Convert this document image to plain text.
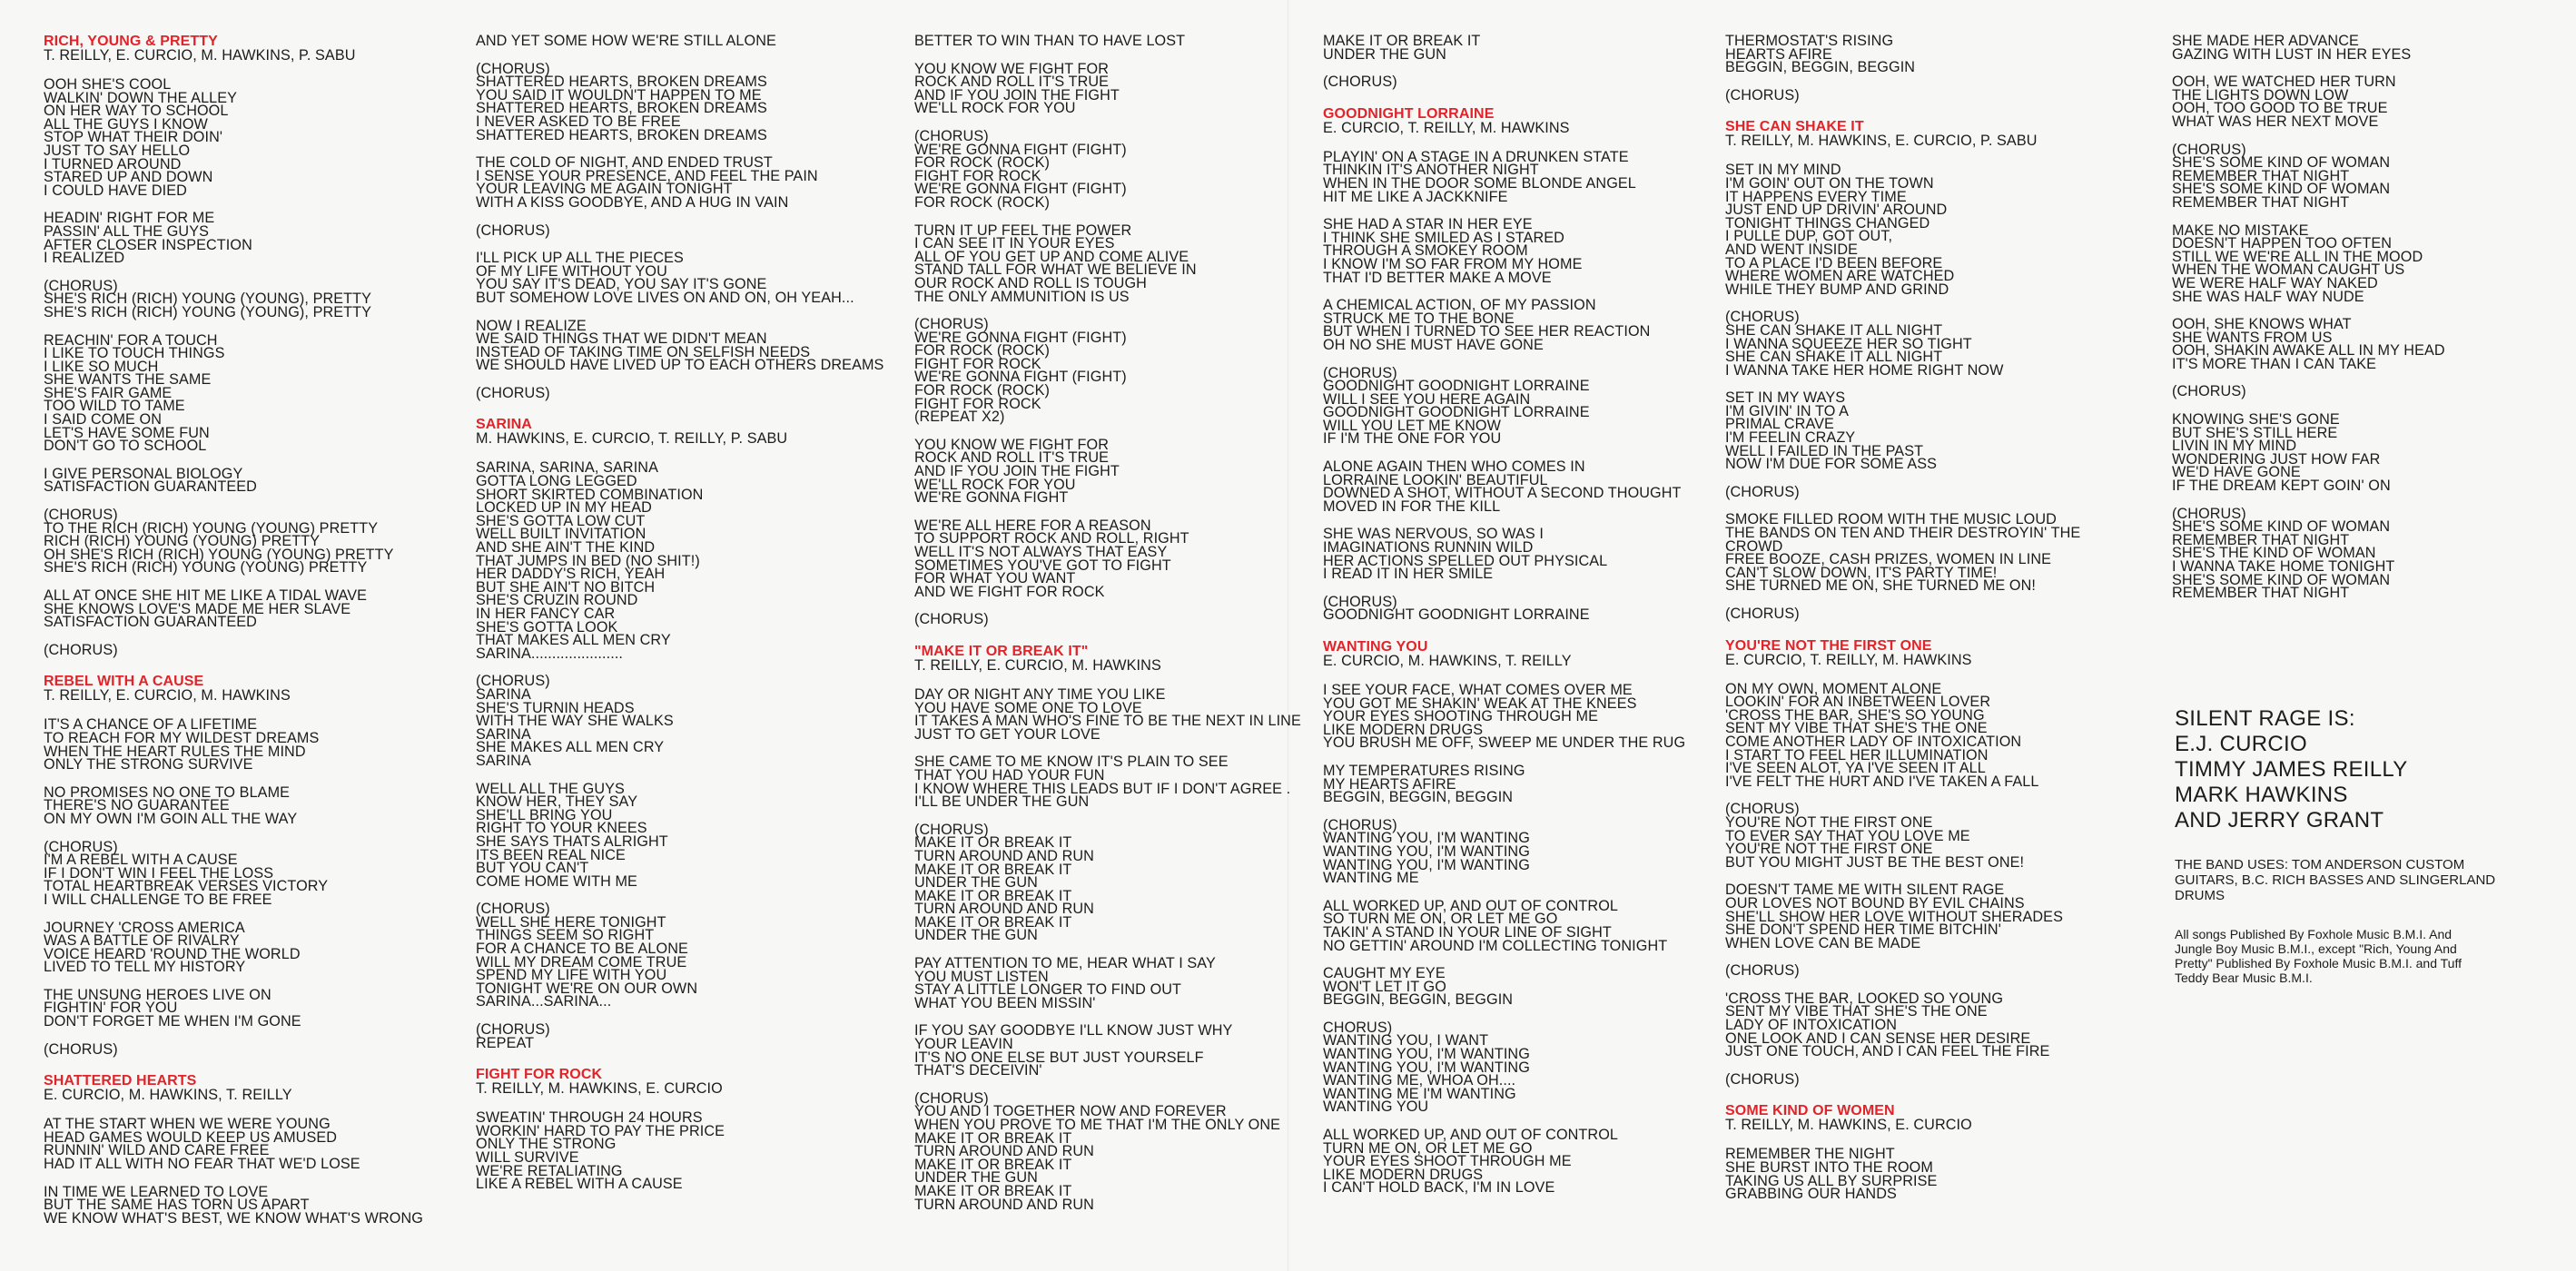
RICH, YOUNG & PRETTY
T. REILLY, E. CURCIO, M. HAWKINS, P. SABU
OOH SHE'S COOL
WALKIN' DOWN THE ALLEY
ON HER WAY TO SCHOOL
ALL THE GUYS I KNOW
STOP WHAT THEIR DOIN'
JUST TO SAY HELLO
I TURNED AROUND
STARED UP AND DOWN
I COULD HAVE DIED
HEADIN' RIGHT FOR ME
PASSIN' ALL THE GUYS
AFTER CLOSER INSPECTION
I REALIZED
(CHORUS)
SHE'S RICH (RICH) YOUNG (YOUNG), PRETTY
SHE'S RICH (RICH) YOUNG (YOUNG), PRETTY
REACHIN' FOR A TOUCH
I LIKE TO TOUCH THINGS
I LIKE SO MUCH
SHE WANTS THE SAME
SHE'S FAIR GAME
TOO WILD TO TAME
I SAID COME ON
LET'S HAVE SOME FUN
DON'T GO TO SCHOOL
I GIVE PERSONAL BIOLOGY
SATISFACTION GUARANTEED
(CHORUS)
TO THE RICH (RICH) YOUNG (YOUNG) PRETTY
RICH (RICH) YOUNG (YOUNG) PRETTY
OH SHE'S RICH (RICH) YOUNG (YOUNG) PRETTY
SHE'S RICH (RICH) YOUNG (YOUNG) PRETTY
ALL AT ONCE SHE HIT ME LIKE A TIDAL WAVE
SHE KNOWS LOVE'S MADE ME HER SLAVE
SATISFACTION GUARANTEED
(CHORUS)
REBEL WITH A CAUSE
T. REILLY, E. CURCIO, M. HAWKINS
IT'S A CHANCE OF A LIFETIME
TO REACH FOR MY WILDEST DREAMS
WHEN THE HEART RULES THE MIND
ONLY THE STRONG SURVIVE
NO PROMISES NO ONE TO BLAME
THERE'S NO GUARANTEE
ON MY OWN I'M GOIN ALL THE WAY
(CHORUS)
I'M A REBEL WITH A CAUSE
IF I DON'T WIN I FEEL THE LOSS
TOTAL HEARTBREAK VERSES VICTORY
I WILL CHALLENGE TO BE FREE
JOURNEY 'CROSS AMERICA
WAS A BATTLE OF RIVALRY
VOICE HEARD 'ROUND THE WORLD
LIVED TO TELL MY HISTORY
THE UNSUNG HEROES LIVE ON
FIGHTIN' FOR YOU
DON'T FORGET ME WHEN I'M GONE
(CHORUS)
SHATTERED HEARTS
E. CURCIO, M. HAWKINS, T. REILLY
AT THE START WHEN WE WERE YOUNG
HEAD GAMES WOULD KEEP US AMUSED
RUNNIN' WILD AND CARE FREE
HAD IT ALL WITH NO FEAR THAT WE'D LOSE
IN TIME WE LEARNED TO LOVE
BUT THE SAME HAS TORN US APART
WE KNOW WHAT'S BEST, WE KNOW WHAT'S WRONG
AND YET SOME HOW WE'RE STILL ALONE
(CHORUS)
SHATTERED HEARTS, BROKEN DREAMS
YOU SAID IT WOULDN'T HAPPEN TO ME
SHATTERED HEARTS, BROKEN DREAMS
I NEVER ASKED TO BE FREE
SHATTERED HEARTS, BROKEN DREAMS
THE COLD OF NIGHT, AND ENDED TRUST
I SENSE YOUR PRESENCE, AND FEEL THE PAIN
YOUR LEAVING ME AGAIN TONIGHT
WITH A KISS GOODBYE, AND A HUG IN VAIN
(CHORUS)
I'LL PICK UP ALL THE PIECES
OF MY LIFE WITHOUT YOU
YOU SAY IT'S DEAD, YOU SAY IT'S GONE
BUT SOMEHOW LOVE LIVES ON AND ON, OH YEAH...
NOW I REALIZE
WE SAID THINGS THAT WE DIDN'T MEAN
INSTEAD OF TAKING TIME ON SELFISH NEEDS
WE SHOULD HAVE LIVED UP TO EACH OTHERS DREAMS
(CHORUS)
SARINA
M. HAWKINS, E. CURCIO, T. REILLY, P. SABU
SARINA, SARINA, SARINA
GOTTA LONG LEGGED
SHORT SKIRTED COMBINATION
LOCKED UP IN MY HEAD
SHE'S GOTTA LOW CUT
WELL BUILT INVITATION
AND SHE AIN'T THE KIND
THAT JUMPS IN BED (NO SHIT!)
HER DADDY'S RICH, YEAH
BUT SHE AIN'T NO BITCH
SHE'S CRUZIN ROUND
IN HER FANCY CAR
SHE'S GOTTA LOOK
THAT MAKES ALL MEN CRY
SARINA......................
(CHORUS)
SARINA
SHE'S TURNIN HEADS
WITH THE WAY SHE WALKS
SARINA
SHE MAKES ALL MEN CRY
SARINA
WELL ALL THE GUYS
KNOW HER, THEY SAY
SHE'LL BRING YOU
RIGHT TO YOUR KNEES
SHE SAYS THATS ALRIGHT
ITS BEEN REAL NICE
BUT YOU CAN'T
COME HOME WITH ME
(CHORUS)
WELL SHE HERE TONIGHT
THINGS SEEM SO RIGHT
FOR A CHANCE TO BE ALONE
WILL MY DREAM COME TRUE
SPEND MY LIFE WITH YOU
TONIGHT WE'RE ON OUR OWN
SARINA...SARINA...
(CHORUS)
REPEAT
FIGHT FOR ROCK
T. REILLY, M. HAWKINS, E. CURCIO
SWEATIN' THROUGH 24 HOURS
WORKIN' HARD TO PAY THE PRICE
ONLY THE STRONG
WILL SURVIVE
WE'RE RETALIATING
LIKE A REBEL WITH A CAUSE
BETTER TO WIN THAN TO HAVE LOST
YOU KNOW WE FIGHT FOR
ROCK AND ROLL IT'S TRUE
AND IF YOU JOIN THE FIGHT
WE'LL ROCK FOR YOU
(CHORUS)
WE'RE GONNA FIGHT (FIGHT)
FOR ROCK (ROCK)
FIGHT FOR ROCK
WE'RE GONNA FIGHT (FIGHT)
FOR ROCK (ROCK)
TURN IT UP FEEL THE POWER
I CAN SEE IT IN YOUR EYES
ALL OF YOU GET UP AND COME ALIVE
STAND TALL FOR WHAT WE BELIEVE IN
OUR ROCK AND ROLL IS TOUGH
THE ONLY AMMUNITION IS US
(CHORUS)
WE'RE GONNA FIGHT (FIGHT)
FOR ROCK (ROCK)
FIGHT FOR ROCK
WE'RE GONNA FIGHT (FIGHT)
FOR ROCK (ROCK)
FIGHT FOR ROCK
(REPEAT X2)
YOU KNOW WE FIGHT FOR
ROCK AND ROLL IT'S TRUE
AND IF YOU JOIN THE FIGHT
WE'LL ROCK FOR YOU
WE'RE GONNA FIGHT
WE'RE ALL HERE FOR A REASON
TO SUPPORT ROCK AND ROLL, RIGHT
WELL IT'S NOT ALWAYS THAT EASY
SOMETIMES YOU'VE GOT TO FIGHT
FOR WHAT YOU WANT
AND WE FIGHT FOR ROCK
(CHORUS)
"MAKE IT OR BREAK IT"
T. REILLY, E. CURCIO, M. HAWKINS
DAY OR NIGHT ANY TIME YOU LIKE
YOU HAVE SOME ONE TO LOVE
IT TAKES A MAN WHO'S FINE TO BE THE NEXT IN LINE
JUST TO GET YOUR LOVE
SHE CAME TO ME KNOW IT'S PLAIN TO SEE
THAT YOU HAD YOUR FUN
I KNOW WHERE THIS LEADS BUT IF I DON'T AGREE .
I'LL BE UNDER THE GUN
(CHORUS)
MAKE IT OR BREAK IT
TURN AROUND AND RUN
MAKE IT OR BREAK IT
UNDER THE GUN
MAKE IT OR BREAK IT
TURN AROUND AND RUN
MAKE IT OR BREAK IT
UNDER THE GUN
PAY ATTENTION TO ME, HEAR WHAT I SAY
YOU MUST LISTEN
STAY A LITTLE LONGER TO FIND OUT
WHAT YOU BEEN MISSIN'
IF YOU SAY GOODBYE I'LL KNOW JUST WHY
YOUR LEAVIN
IT'S NO ONE ELSE BUT JUST YOURSELF
THAT'S DECEIVIN'
(CHORUS)
YOU AND I TOGETHER NOW AND FOREVER
WHEN YOU PROVE TO ME THAT I'M THE ONLY ONE
MAKE IT OR BREAK IT
TURN AROUND AND RUN
MAKE IT OR BREAK IT
UNDER THE GUN
MAKE IT OR BREAK IT
TURN AROUND AND RUN
MAKE IT OR BREAK IT
UNDER THE GUN
(CHORUS)
GOODNIGHT LORRAINE
E. CURCIO, T. REILLY, M. HAWKINS
PLAYIN' ON A STAGE IN A DRUNKEN STATE
THINKIN IT'S ANOTHER NIGHT
WHEN IN THE DOOR SOME BLONDE ANGEL
HIT ME LIKE A JACKKNIFE
SHE HAD A STAR IN HER EYE
I THINK SHE SMILED AS I STARED
THROUGH A SMOKEY ROOM
I KNOW I'M SO FAR FROM MY HOME
THAT I'D BETTER MAKE A MOVE
A CHEMICAL ACTION, OF MY PASSION
STRUCK ME TO THE BONE
BUT WHEN I TURNED TO SEE HER REACTION
OH NO SHE MUST HAVE GONE
(CHORUS)
GOODNIGHT GOODNIGHT LORRAINE
WILL I SEE YOU HERE AGAIN
GOODNIGHT GOODNIGHT LORRAINE
WILL YOU LET ME KNOW
IF I'M THE ONE FOR YOU
ALONE AGAIN THEN WHO COMES IN
LORRAINE LOOKIN' BEAUTIFUL
DOWNED A SHOT, WITHOUT A SECOND THOUGHT
MOVED IN FOR THE KILL
SHE WAS NERVOUS, SO WAS I
IMAGINATIONS RUNNIN WILD
HER ACTIONS SPELLED OUT PHYSICAL
I READ IT IN HER SMILE
(CHORUS)
GOODNIGHT GOODNIGHT LORRAINE
WANTING YOU
E. CURCIO, M. HAWKINS, T. REILLY
I SEE YOUR FACE, WHAT COMES OVER ME
YOU GOT ME SHAKIN' WEAK AT THE KNEES
YOUR EYES SHOOTING THROUGH ME
LIKE MODERN DRUGS
YOU BRUSH ME OFF, SWEEP ME UNDER THE RUG
MY TEMPERATURES RISING
MY HEARTS AFIRE
BEGGIN, BEGGIN, BEGGIN
(CHORUS)
WANTING YOU, I'M WANTING
WANTING YOU, I'M WANTING
WANTING YOU, I'M WANTING
WANTING ME
ALL WORKED UP, AND OUT OF CONTROL
SO TURN ME ON, OR LET ME GO
TAKIN' A STAND IN YOUR LINE OF SIGHT
NO GETTIN' AROUND I'M COLLECTING TONIGHT
CAUGHT MY EYE
WON'T LET IT GO
BEGGIN, BEGGIN, BEGGIN
CHORUS)
WANTING YOU, I WANT
WANTING YOU, I'M WANTING
WANTING YOU, I'M WANTING
WANTING ME, WHOA OH....
WANTING ME I'M WANTING
WANTING YOU
ALL WORKED UP, AND OUT OF CONTROL
TURN ME ON, OR LET ME GO
YOUR EYES SHOOT THROUGH ME
LIKE MODERN DRUGS
I CAN'T HOLD BACK, I'M IN LOVE
THERMOSTAT'S RISING
HEARTS AFIRE
BEGGIN, BEGGIN, BEGGIN
(CHORUS)
SHE CAN SHAKE IT
T. REILLY, M. HAWKINS, E. CURCIO, P. SABU
SET IN MY MIND
I'M GOIN' OUT ON THE TOWN
IT HAPPENS EVERY TIME
JUST END UP DRIVIN' AROUND
TONIGHT THINGS CHANGED
I PULLE DUP, GOT OUT,
AND WENT INSIDE
TO A PLACE I'D BEEN BEFORE
WHERE WOMEN ARE WATCHED
WHILE THEY BUMP AND GRIND
(CHORUS)
SHE CAN SHAKE IT ALL NIGHT
I WANNA SQUEEZE HER SO TIGHT
SHE CAN SHAKE IT ALL NIGHT
I WANNA TAKE HER HOME RIGHT NOW
SET IN MY WAYS
I'M GIVIN' IN TO A
PRIMAL CRAVE
I'M FEELIN CRAZY
WELL I FAILED IN THE PAST
NOW I'M DUE FOR SOME ASS
(CHORUS)
SMOKE FILLED ROOM WITH THE MUSIC LOUD
THE BANDS ON TEN AND THEIR DESTROYIN' THE CROWD
FREE BOOZE, CASH PRIZES, WOMEN IN LINE
CAN'T SLOW DOWN, IT'S PARTY TIME!
SHE TURNED ME ON, SHE TURNED ME ON!
(CHORUS)
YOU'RE NOT THE FIRST ONE
E. CURCIO, T. REILLY, M. HAWKINS
ON MY OWN, MOMENT ALONE
LOOKIN' FOR AN INBETWEEN LOVER
'CROSS THE BAR, SHE'S SO YOUNG
SENT MY VIBE THAT SHE'S THE ONE
COME ANOTHER LADY OF INTOXICATION
I START TO FEEL HER ILLUMINATION
I'VE SEEN ALOT, YA I'VE SEEN IT ALL
I'VE FELT THE HURT AND I'VE TAKEN A FALL
(CHORUS)
YOU'RE NOT THE FIRST ONE
TO EVER SAY THAT YOU LOVE ME
YOU'RE NOT THE FIRST ONE
BUT YOU MIGHT JUST BE THE BEST ONE!
DOESN'T TAME ME WITH SILENT RAGE
OUR LOVES NOT BOUND BY EVIL CHAINS
SHE'LL SHOW HER LOVE WITHOUT SHERADES
SHE DON'T SPEND HER TIME BITCHIN'
WHEN LOVE CAN BE MADE
(CHORUS)
'CROSS THE BAR, LOOKED SO YOUNG
SENT MY VIBE THAT SHE'S THE ONE
LADY OF INTOXICATION
ONE LOOK AND I CAN SENSE HER DESIRE
JUST ONE TOUCH, AND I CAN FEEL THE FIRE
(CHORUS)
SOME KIND OF WOMEN
T. REILLY, M. HAWKINS, E. CURCIO
REMEMBER THE NIGHT
SHE BURST INTO THE ROOM
TAKING US ALL BY SURPRISE
GRABBING OUR HANDS
SHE MADE HER ADVANCE
GAZING WITH LUST IN HER EYES
OOH, WE WATCHED HER TURN
THE LIGHTS DOWN LOW
OOH, TOO GOOD TO BE TRUE
WHAT WAS HER NEXT MOVE
(CHORUS)
SHE'S SOME KIND OF WOMAN
REMEMBER THAT NIGHT
SHE'S SOME KIND OF WOMAN
REMEMBER THAT NIGHT
MAKE NO MISTAKE
DOESN'T HAPPEN TOO OFTEN
STILL WE WE'RE ALL IN THE MOOD
WHEN THE WOMAN CAUGHT US
WE WERE HALF WAY NAKED
SHE WAS HALF WAY NUDE
OOH, SHE KNOWS WHAT
SHE WANTS FROM US
OOH, SHAKIN AWAKE ALL IN MY HEAD
IT'S MORE THAN I CAN TAKE
(CHORUS)
KNOWING SHE'S GONE
BUT SHE'S STILL HERE
LIVIN IN MY MIND
WONDERING JUST HOW FAR
WE'D HAVE GONE
IF THE DREAM KEPT GOIN' ON
(CHORUS)
SHE'S SOME KIND OF WOMAN
REMEMBER THAT NIGHT
SHE'S THE KIND OF WOMAN
I WANNA TAKE HOME TONIGHT
SHE'S SOME KIND OF WOMAN
REMEMBER THAT NIGHT
SILENT RAGE IS:
E.J. CURCIO
TIMMY JAMES REILLY
MARK HAWKINS
AND JERRY GRANT
THE BAND USES: TOM ANDERSON CUSTOM
GUITARS, B.C. RICH BASSES AND SLINGERLAND
DRUMS
All songs Published By Foxhole Music B.M.I. And
Jungle Boy Music B.M.I., except "Rich, Young And
Pretty" Published By Foxhole Music B.M.I. and Tuff
Teddy Bear Music B.M.I.
